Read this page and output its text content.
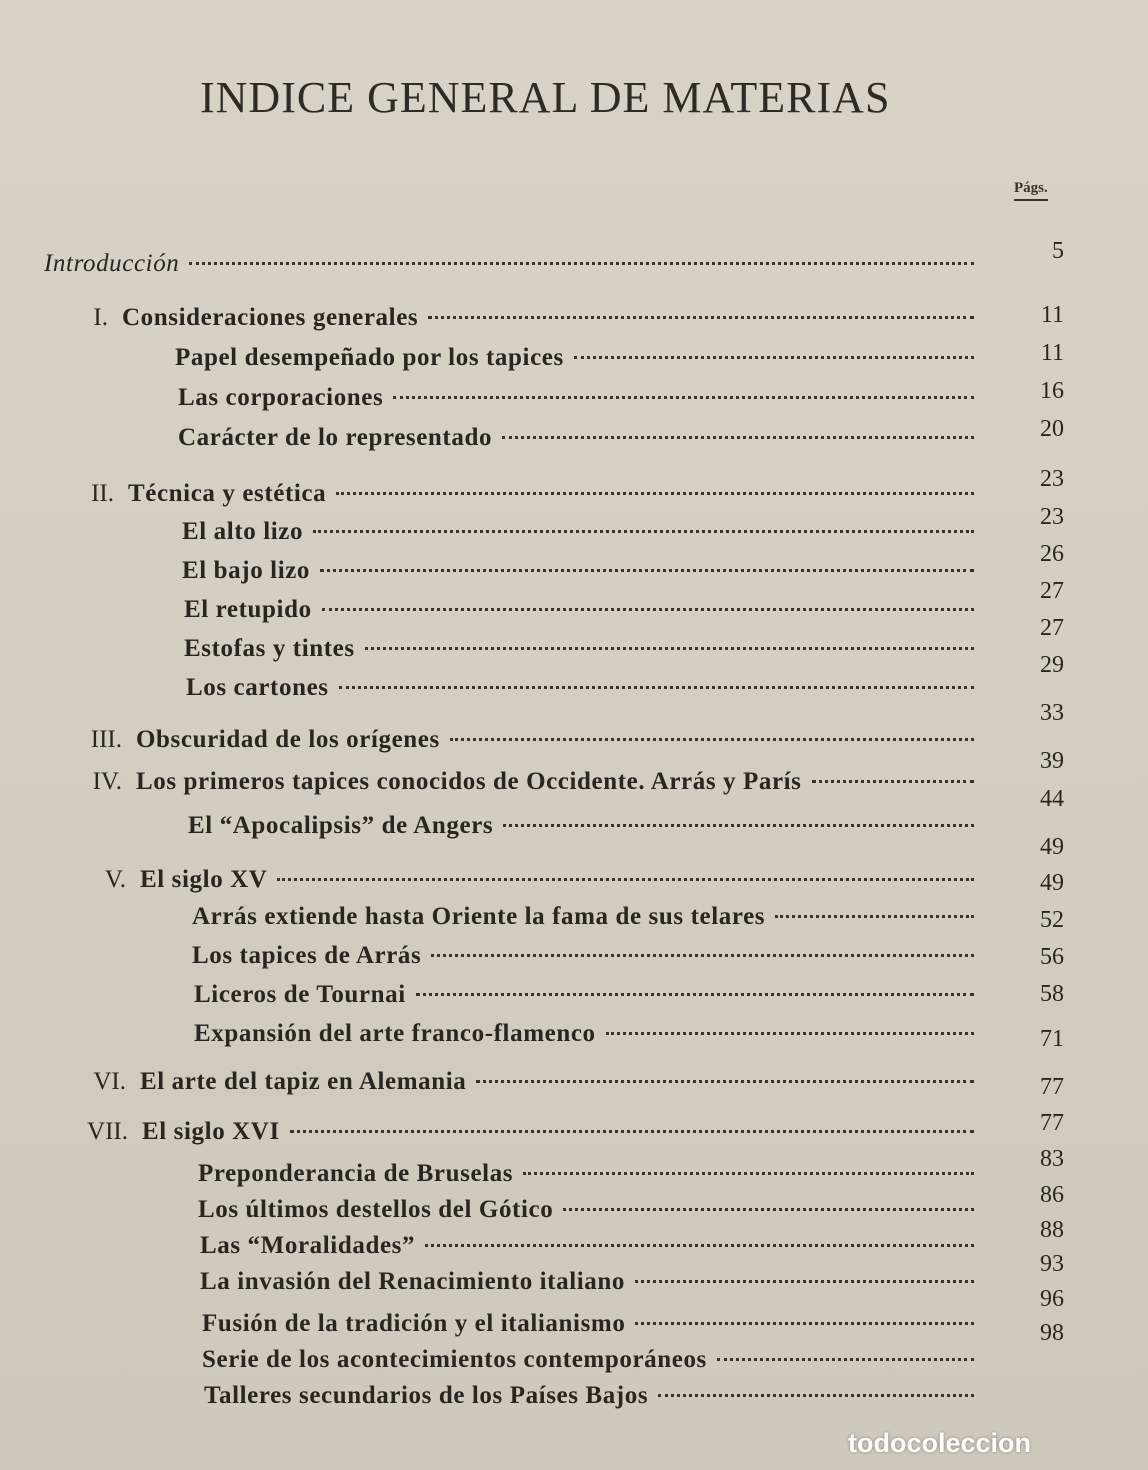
INDICE GENERAL DE MATERIAS
Págs.
Introducción
I. Consideraciones generales
Papel desempeñado por los tapices
Las corporaciones
Carácter de lo representado
II. Técnica y estética
El alto lizo
El bajo lizo
El retupido
Estofas y tintes
Los cartones
III. Obscuridad de los orígenes
IV. Los primeros tapices conocidos de Occidente. Arrás y París
El “Apocalipsis” de Angers
V. El siglo XV
Arrás extiende hasta Oriente la fama de sus telares
Los tapices de Arrás
Liceros de Tournai
Expansión del arte franco-flamenco
VI. El arte del tapiz en Alemania
VII. El siglo XVI
Preponderancia de Bruselas
Los últimos destellos del Gótico
Las “Moralidades”
La invasión del Renacimiento italiano
Fusión de la tradición y el italianismo
Serie de los acontecimientos contemporáneos
Talleres secundarios de los Países Bajos
5
11
11
16
20
23
23
26
27
27
29
33
39
44
49
49
52
56
58
71
77
77
83
86
88
93
96
98
todocoleccion
